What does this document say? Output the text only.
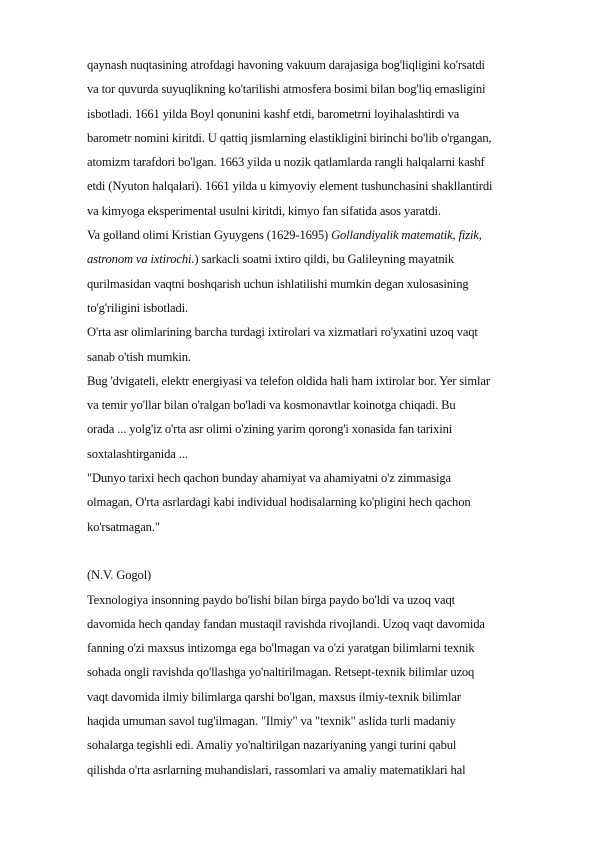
qaynash nuqtasining atrofdagi havoning vakuum darajasiga bog'liqligini ko'rsatdi
va tor quvurda suyuqlikning ko'tarilishi atmosfera bosimi bilan bog'liq emasligini
isbotladi. 1661 yilda Boyl qonunini kashf etdi, barometrni loyihalashtirdi va
barometr nomini kiritdi. U qattiq jismlarning elastikligini birinchi bo'lib o'rgangan,
atomizm tarafdori bo'lgan. 1663 yilda u nozik qatlamlarda rangli halqalarni kashf
etdi (Nyuton halqalari). 1661 yilda u kimyoviy element tushunchasini shakllantirdi
va kimyoga eksperimental usulni kiritdi, kimyo fan sifatida asos yaratdi.
Va golland olimi Kristian Gyuygens (1629-1695) Gollandiyalik matematik, fizik,
astronom va ixtirochi.) sarkacli soatni ixtiro qildi, bu Galileyning mayatnik
qurilmasidan vaqtni boshqarish uchun ishlatilishi mumkin degan xulosasining
to'g'riligini isbotladi.
O'rta asr olimlarining barcha turdagi ixtirolari va xizmatlari ro'yxatini uzoq vaqt
sanab o'tish mumkin.
Bug 'dvigateli, elektr energiyasi va telefon oldida hali ham ixtirolar bor. Yer simlar
va temir yo'llar bilan o'ralgan bo'ladi va kosmonavtlar koinotga chiqadi. Bu
orada ... yolg'iz o'rta asr olimi o'zining yarim qorong'i xonasida fan tarixini
soxtalashtirganida ...
"Dunyo tarixi hech qachon bunday ahamiyat va ahamiyatni o'z zimmasiga
olmagan, O'rta asrlardagi kabi individual hodisalarning ko'pligini hech qachon
ko'rsatmagan."
(N.V. Gogol)
Texnologiya insonning paydo bo'lishi bilan birga paydo bo'ldi va uzoq vaqt
davomida hech qanday fandan mustaqil ravishda rivojlandi. Uzoq vaqt davomida
fanning o'zi maxsus intizomga ega bo'lmagan va o'zi yaratgan bilimlarni texnik
sohada ongli ravishda qo'llashga yo'naltirilmagan. Retsept-texnik bilimlar uzoq
vaqt davomida ilmiy bilimlarga qarshi bo'lgan, maxsus ilmiy-texnik bilimlar
haqida umuman savol tug'ilmagan. "Ilmiy" va "texnik" aslida turli madaniy
sohalarga tegishli edi. Amaliy yo'naltirilgan nazariyaning yangi turini qabul
qilishda o'rta asrlarning muhandislari, rassomlari va amaliy matematiklari hal
